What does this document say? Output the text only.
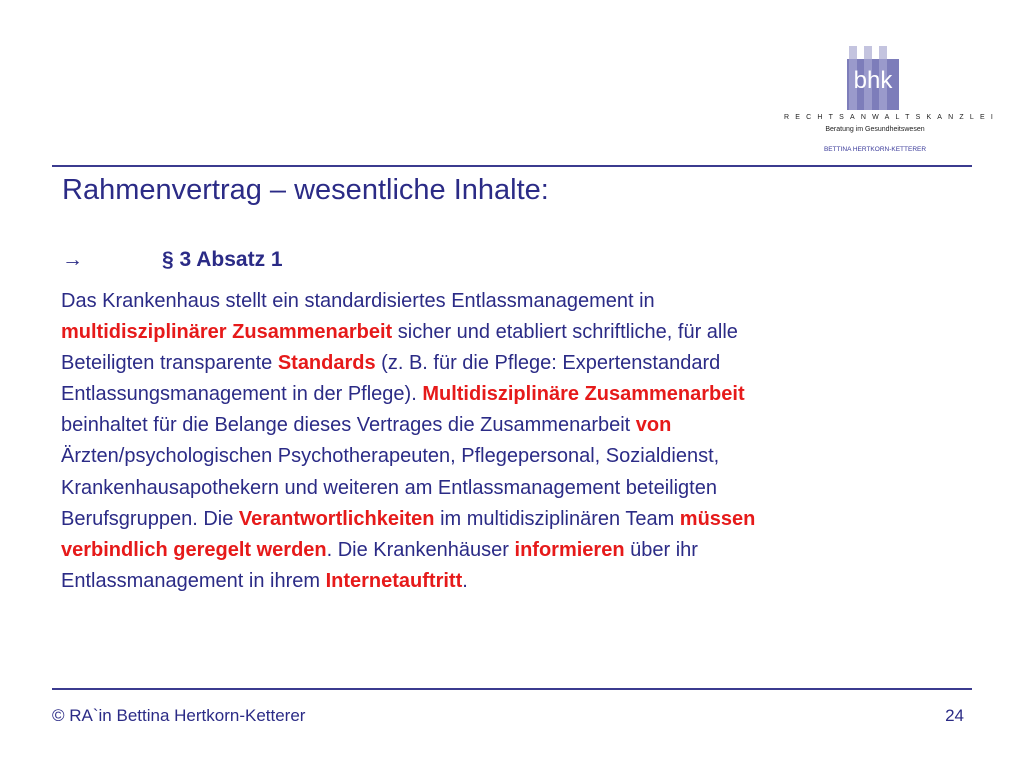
bhk
RECHTSANWALTSKANZLEI
Beratung im Gesundheitswesen
BETTINA HERTKORN-KETTERER
Rahmenvertrag – wesentliche Inhalte:
→	§ 3 Absatz 1
Das Krankenhaus stellt ein standardisiertes Entlassmanagement in
multidisziplinärer Zusammenarbeit sicher und etabliert schriftliche, für alle
Beteiligten transparente Standards (z. B. für die Pflege: Expertenstandard
Entlassungsmanagement in der Pflege). Multidisziplinäre Zusammenarbeit
beinhaltet für die Belange dieses Vertrages die Zusammenarbeit von
Ärzten/psychologischen Psychotherapeuten, Pflegepersonal, Sozialdienst,
Krankenhausapothekern und weiteren am Entlassmanagement beteiligten
Berufsgruppen. Die Verantwortlichkeiten im multidisziplinären Team müssen
verbindlich geregelt werden. Die Krankenhäuser informieren über ihr
Entlassmanagement in ihrem Internetauftritt.
© RA`in Bettina Hertkorn-Ketterer	24
